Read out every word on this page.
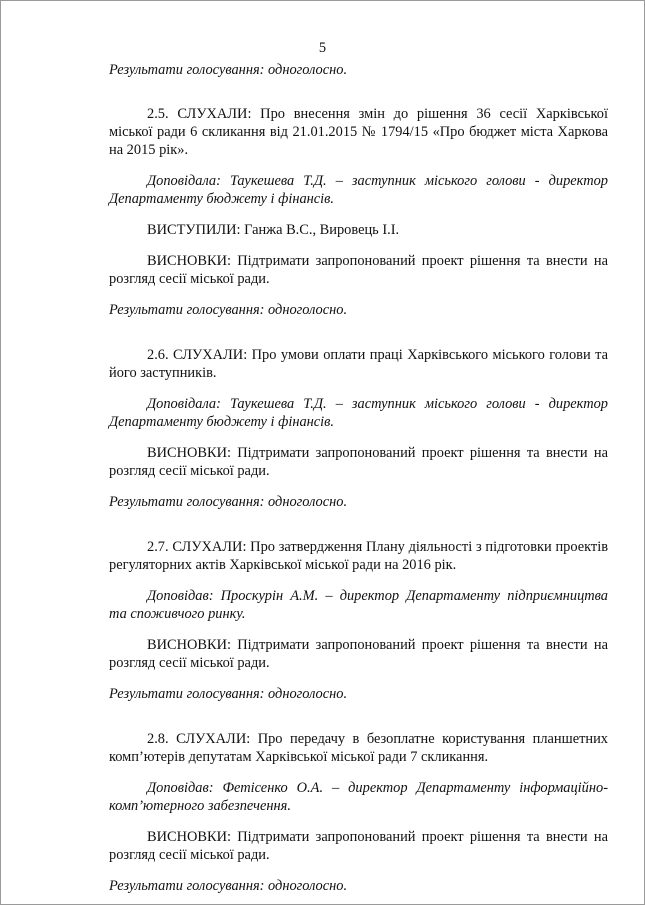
5

Результати голосування: одноголосно.

2.5. СЛУХАЛИ: Про внесення змін до рішення 36 сесії Харківської міської ради 6 скликання від 21.01.2015 № 1794/15 «Про бюджет міста Харкова на 2015 рік».

Доповідала: Таукешева Т.Д. – заступник міського голови - директор Департаменту бюджету і фінансів.

ВИСТУПИЛИ: Ганжа В.С., Вировець І.І.

ВИСНОВКИ: Підтримати запропонований проект рішення та внести на розгляд сесії міської ради.

Результати голосування: одноголосно.

2.6. СЛУХАЛИ: Про умови оплати праці Харківського міського голови та його заступників.

Доповідала: Таукешева Т.Д. – заступник міського голови - директор Департаменту бюджету і фінансів.

ВИСНОВКИ: Підтримати запропонований проект рішення та внести на розгляд сесії міської ради.

Результати голосування: одноголосно.

2.7. СЛУХАЛИ: Про затвердження Плану діяльності з підготовки проектів регуляторних актів Харківської міської ради на 2016 рік.

Доповідав: Проскурін А.М. – директор Департаменту підприємництва та споживчого ринку.

ВИСНОВКИ: Підтримати запропонований проект рішення та внести на розгляд сесії міської ради.

Результати голосування: одноголосно.

2.8. СЛУХАЛИ: Про передачу в безоплатне користування планшетних комп’ютерів депутатам Харківської міської ради 7 скликання.

Доповідав: Фетісенко О.А. – директор Департаменту інформаційно-комп’ютерного забезпечення.

ВИСНОВКИ: Підтримати запропонований проект рішення та внести на розгляд сесії міської ради.

Результати голосування: одноголосно.
